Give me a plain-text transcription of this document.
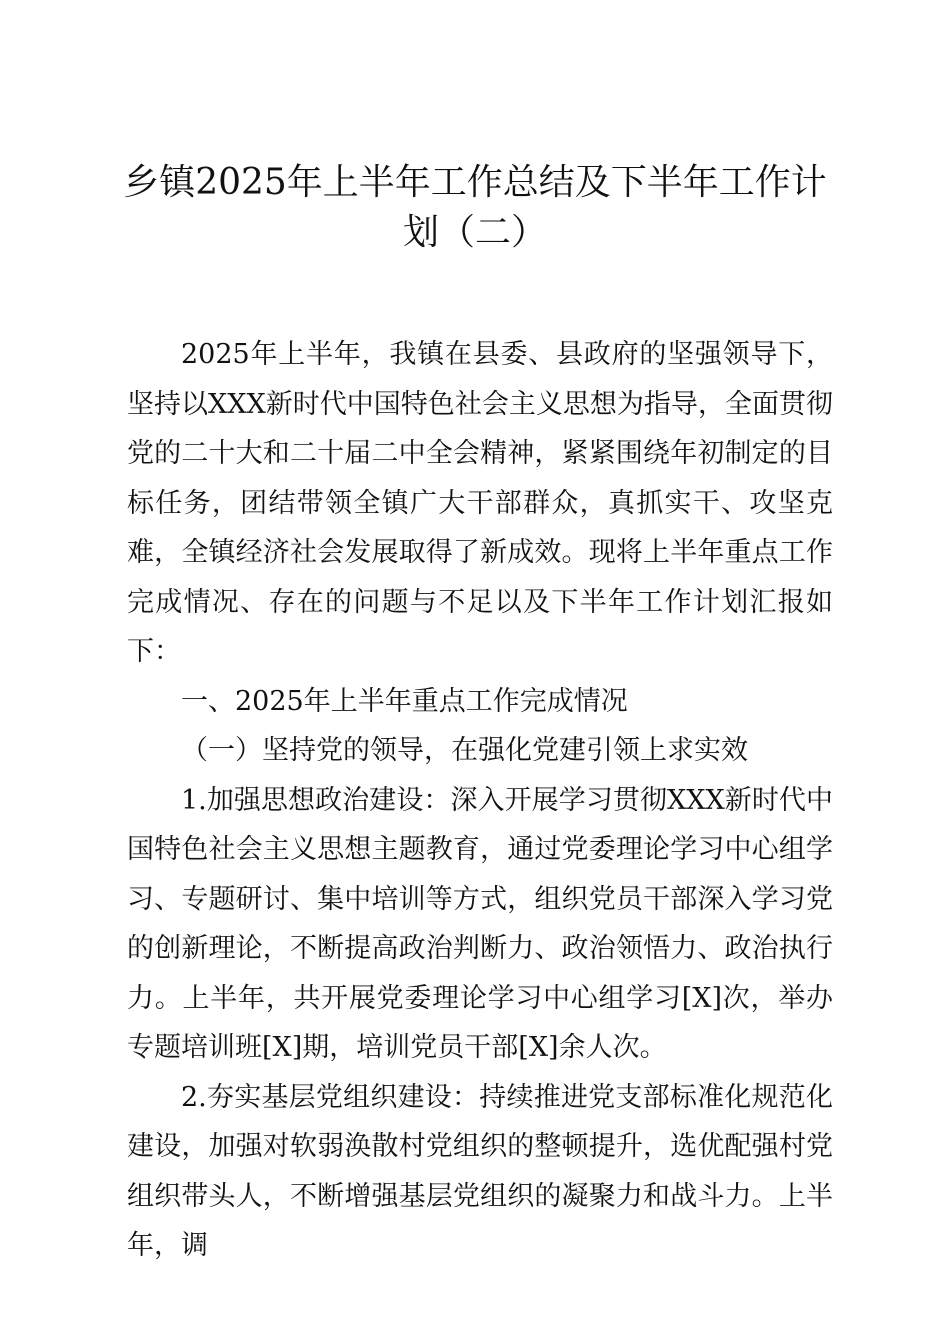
乡镇2025年上半年工作总结及下半年工作计
划（二）

2025年上半年，我镇在县委、县政府的坚强领导下，坚持以XXX新时代中国特色社会主义思想为指导，全面贯彻党的二十大和二十届二中全会精神，紧紧围绕年初制定的目标任务，团结带领全镇广大干部群众，真抓实干、攻坚克难，全镇经济社会发展取得了新成效。现将上半年重点工作完成情况、存在的问题与不足以及下半年工作计划汇报如下：

一、2025年上半年重点工作完成情况

（一）坚持党的领导，在强化党建引领上求实效

1.加强思想政治建设：深入开展学习贯彻XXX新时代中国特色社会主义思想主题教育，通过党委理论学习中心组学习、专题研讨、集中培训等方式，组织党员干部深入学习党的创新理论，不断提高政治判断力、政治领悟力、政治执行力。上半年，共开展党委理论学习中心组学习[X]次，举办专题培训班[X]期，培训党员干部[X]余人次。

2.夯实基层党组织建设：持续推进党支部标准化规范化建设，加强对软弱涣散村党组织的整顿提升，选优配强村党组织带头人，不断增强基层党组织的凝聚力和战斗力。上半年，调
